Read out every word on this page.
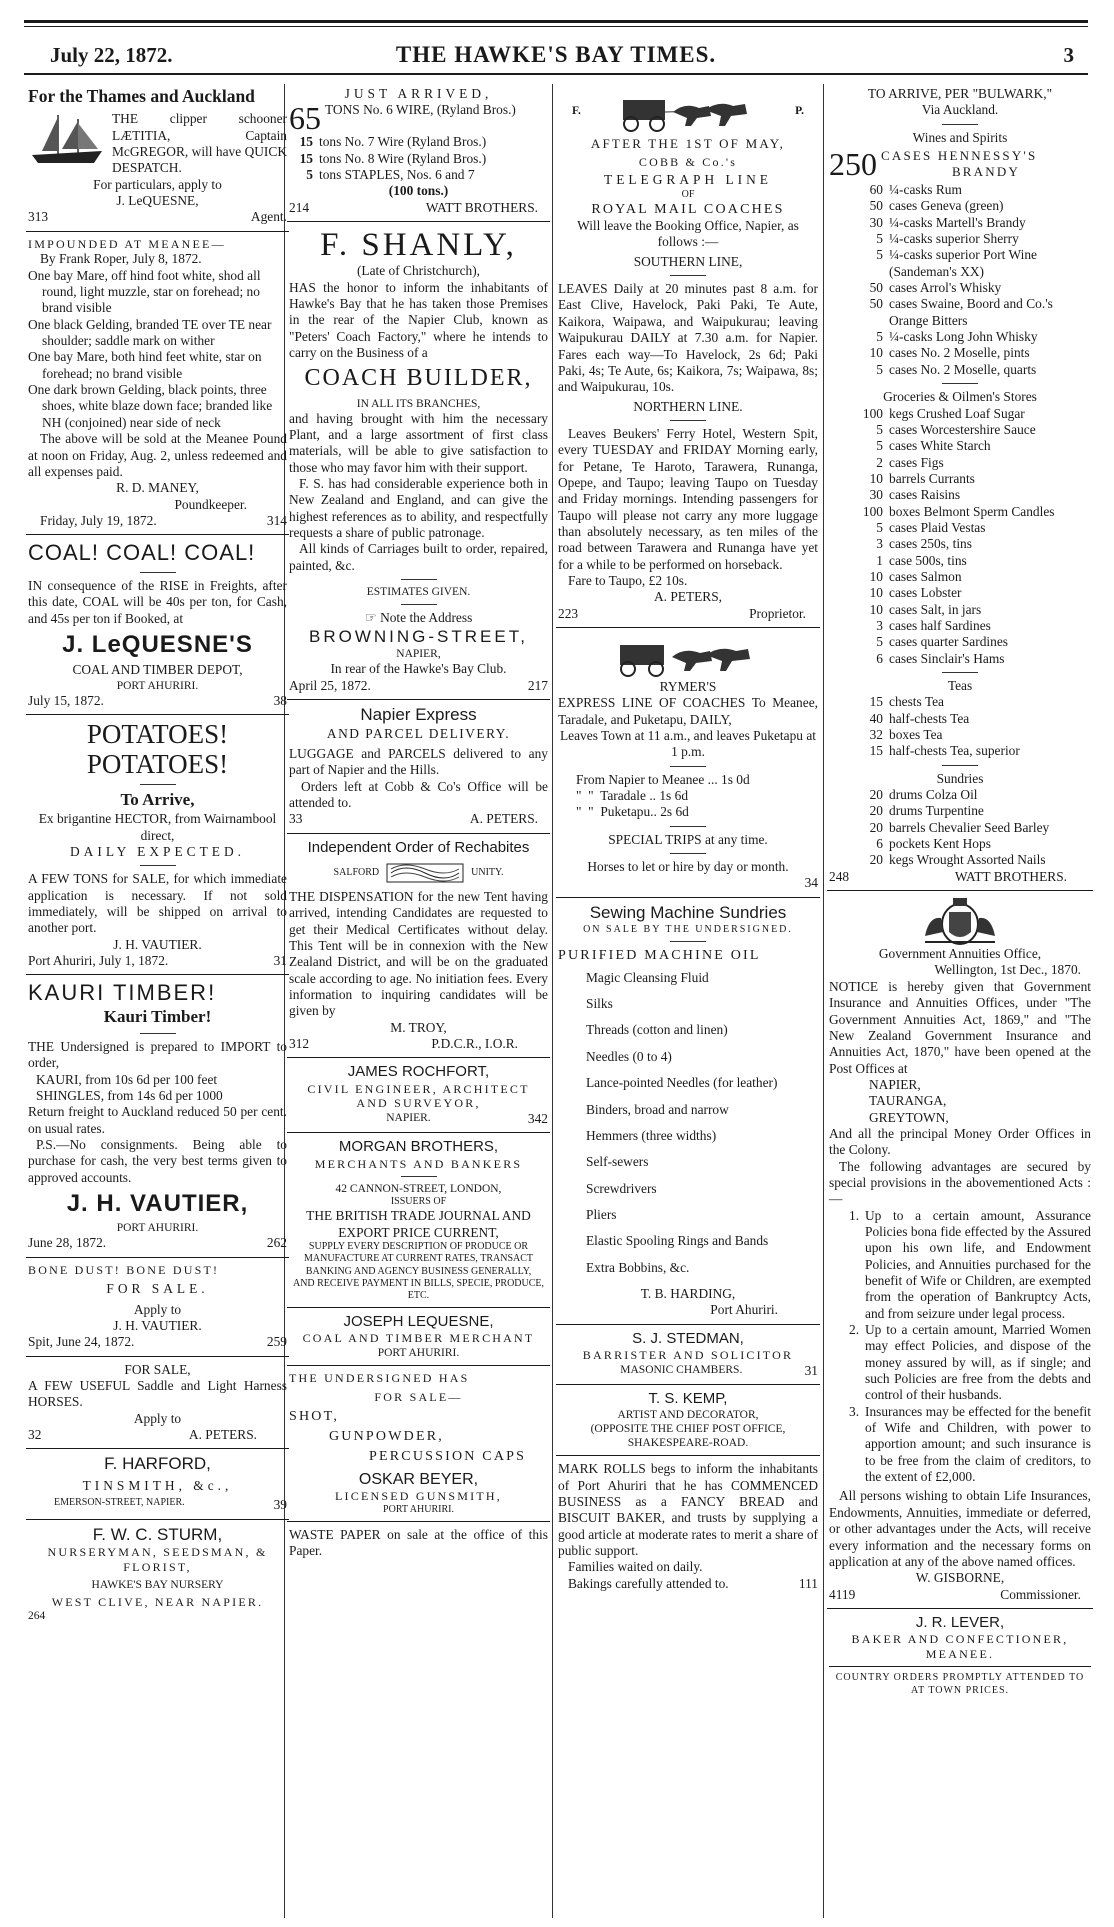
July 22, 1872.	THE HAWKE'S BAY TIMES.	3
For the Thames and Auckland
THE clipper schooner LÆTITIA, Captain McGREGOR, will have QUICK DESPATCH.
For particulars, apply to
J. LeQUESNE,
313	Agent.
IMPOUNDED AT MEANEE—
By Frank Roper, July 8, 1872.
One bay Mare, off hind foot white, shod all round, light muzzle, star on forehead; no brand visible
One black Gelding, branded TE over TE near shoulder; saddle mark on wither
One bay Mare, both hind feet white, star on forehead; no brand visible
One dark brown Gelding, black points, three shoes, white blaze down face; branded like NH (conjoined) near side of neck
The above will be sold at the Meanee Pound at noon on Friday, Aug. 2, unless redeemed and all expenses paid.
R. D. MANEY,
Poundkeeper.
Friday, July 19, 1872.	314
COAL! COAL! COAL!
IN consequence of the RISE in Freights, after this date, COAL will be 40s per ton, for Cash, and 45s per ton if Booked, at
J. LeQUESNE'S
COAL AND TIMBER DEPOT,
PORT AHURIRI.
July 15, 1872.	38
POTATOES! POTATOES!
To Arrive,
Ex brigantine HECTOR, from Wairnambool direct,
DAILY EXPECTED.
A FEW TONS for SALE, for which immediate application is necessary. If not sold immediately, will be shipped on arrival to another port.
J. H. VAUTIER.
Port Ahuriri, July 1, 1872.	31
KAURI TIMBER!
Kauri Timber!
THE Undersigned is prepared to IMPORT to order,
KAURI, from 10s 6d per 100 feet
SHINGLES, from 14s 6d per 1000
Return freight to Auckland reduced 50 per cent. on usual rates.
P.S.—No consignments. Being able to purchase for cash, the very best terms given to approved accounts.
J. H. VAUTIER,
PORT AHURIRI.
June 28, 1872.	262
BONE DUST! BONE DUST!
FOR SALE.
Apply to
J. H. VAUTIER.
Spit, June 24, 1872.	259
FOR SALE,
A FEW USEFUL Saddle and Light Harness HORSES.
Apply to
32	A. PETERS.
F. HARFORD,
TINSMITH, &c.,
EMERSON-STREET, NAPIER.	39
F. W. C. STURM,
NURSERYMAN, SEEDSMAN, & FLORIST,
HAWKE'S BAY NURSERY
WEST CLIVE, NEAR NAPIER.
264
JUST ARRIVED,
65 TONS No. 6 WIRE, (Ryland Bros.)
15 tons No. 7 Wire (Ryland Bros.)
15 tons No. 8 Wire (Ryland Bros.)
5 tons STAPLES, Nos. 6 and 7
(100 tons.)
214	WATT BROTHERS.
F. SHANLY,
(Late of Christchurch),
HAS the honor to inform the inhabitants of Hawke's Bay that he has taken those Premises in the rear of the Napier Club, known as "Peters' Coach Factory," where he intends to carry on the Business of a
COACH BUILDER,
IN ALL ITS BRANCHES,
and having brought with him the necessary Plant, and a large assortment of first class materials, will be able to give satisfaction to those who may favor him with their support.
F. S. has had considerable experience both in New Zealand and England, and can give the highest references as to ability, and respectfully requests a share of public patronage.
All kinds of Carriages built to order, repaired, painted, &c.
ESTIMATES GIVEN.
☞ Note the Address
BROWNING-STREET,
NAPIER,
In rear of the Hawke's Bay Club.
April 25, 1872.	217
Napier Express
AND PARCEL DELIVERY.
LUGGAGE and PARCELS delivered to any part of Napier and the Hills.
Orders left at Cobb & Co's Office will be attended to.
33	A. PETERS.
Independent Order of Rechabites
SALFORD	UNITY.
THE DISPENSATION for the new Tent having arrived, intending Candidates are requested to get their Medical Certificates without delay. This Tent will be in connexion with the New Zealand District, and will be on the graduated scale according to age. No initiation fees. Every information to inquiring candidates will be given by
M. TROY,
312	P.D.C.R., I.O.R.
JAMES ROCHFORT,
CIVIL ENGINEER, ARCHITECT AND SURVEYOR,
NAPIER.	342
MORGAN BROTHERS,
MERCHANTS AND BANKERS
42 CANNON-STREET, LONDON,
ISSUERS OF
THE BRITISH TRADE JOURNAL AND EXPORT PRICE CURRENT,
SUPPLY EVERY DESCRIPTION OF PRODUCE OR MANUFACTURE AT CURRENT RATES, TRANSACT BANKING AND AGENCY BUSINESS GENERALLY,
AND RECEIVE PAYMENT IN BILLS, SPECIE, PRODUCE, ETC.
JOSEPH LEQUESNE,
COAL AND TIMBER MERCHANT
PORT AHURIRI.
THE UNDERSIGNED HAS
FOR SALE—
SHOT,
GUNPOWDER,
PERCUSSION CAPS
OSKAR BEYER,
LICENSED GUNSMITH,
PORT AHURIRI.
WASTE PAPER on sale at the office of this Paper.
F.	P.
AFTER THE 1ST OF MAY,
COBB & Co.'s
TELEGRAPH LINE
OF
ROYAL MAIL COACHES
Will leave the Booking Office, Napier, as follows :—
SOUTHERN LINE,
LEAVES Daily at 20 minutes past 8 a.m. for East Clive, Havelock, Paki Paki, Te Aute, Kaikora, Waipawa, and Waipukurau; leaving Waipukurau DAILY at 7.30 a.m. for Napier. Fares each way—To Havelock, 2s 6d; Paki Paki, 4s; Te Aute, 6s; Kaikora, 7s; Waipawa, 8s; and Waipukurau, 10s.
NORTHERN LINE.
Leaves Beukers' Ferry Hotel, Western Spit, every TUESDAY and FRIDAY Morning early, for Petane, Te Haroto, Tarawera, Runanga, Opepe, and Taupo; leaving Taupo on Tuesday and Friday mornings. Intending passengers for Taupo will please not carry any more luggage than absolutely necessary, as ten miles of the road between Tarawera and Runanga have yet for a while to be performed on horseback.
Fare to Taupo, £2 10s.
A. PETERS,
223	Proprietor.
RYMER'S
EXPRESS LINE OF COACHES To Meanee, Taradale, and Puketapu, DAILY,
Leaves Town at 11 a.m., and leaves Puketapu at 1 p.m.
From Napier to Meanee ... 1s 0d
"  "  Taradale .. 1s 6d
"  "  Puketapu.. 2s 6d
SPECIAL TRIPS at any time.
Horses to let or hire by day or month.
34
Sewing Machine Sundries
ON SALE BY THE UNDERSIGNED.
PURIFIED MACHINE OIL
Magic Cleansing Fluid
Silks
Threads (cotton and linen)
Needles (0 to 4)
Lance-pointed Needles (for leather)
Binders, broad and narrow
Hemmers (three widths)
Self-sewers
Screwdrivers
Pliers
Elastic Spooling Rings and Bands
Extra Bobbins, &c.
T. B. HARDING,
Port Ahuriri.
S. J. STEDMAN,
BARRISTER AND SOLICITOR
MASONIC CHAMBERS.	31
T. S. KEMP,
ARTIST AND DECORATOR,
(OPPOSITE THE CHIEF POST OFFICE, SHAKESPEARE-ROAD.
MARK ROLLS begs to inform the inhabitants of Port Ahuriri that he has COMMENCED BUSINESS as a FANCY BREAD and BISCUIT BAKER, and trusts by supplying a good article at moderate rates to merit a share of public support.
Families waited on daily.
Bakings carefully attended to.	111
TO ARRIVE, PER "BULWARK,"
Via Auckland.
Wines and Spirits
250 CASES HENNESSY'S
BRANDY
60 ¼-casks Rum
50 cases Geneva (green)
30 ¼-casks Martell's Brandy
5 ¼-casks superior Sherry
5 ¼-casks superior Port Wine (Sandeman's XX)
50 cases Arrol's Whisky
50 cases Swaine, Boord and Co.'s Orange Bitters
5 ¼-casks Long John Whisky
10 cases No. 2 Moselle, pints
5 cases No. 2 Moselle, quarts
Groceries & Oilmen's Stores
100 kegs Crushed Loaf Sugar
5 cases Worcestershire Sauce
5 cases White Starch
2 cases Figs
10 barrels Currants
30 cases Raisins
100 boxes Belmont Sperm Candles
5 cases Plaid Vestas
3 cases 250s, tins
1 case 500s, tins
10 cases Salmon
10 cases Lobster
10 cases Salt, in jars
3 cases half Sardines
5 cases quarter Sardines
6 cases Sinclair's Hams
Teas
15 chests Tea
40 half-chests Tea
32 boxes Tea
15 half-chests Tea, superior
Sundries
20 drums Colza Oil
20 drums Turpentine
20 barrels Chevalier Seed Barley
6 pockets Kent Hops
20 kegs Wrought Assorted Nails
248	WATT BROTHERS.
Government Annuities Office,
Wellington, 1st Dec., 1870.
NOTICE is hereby given that Government Insurance and Annuities Offices, under "The Government Annuities Act, 1869," and "The New Zealand Government Insurance and Annuities Act, 1870," have been opened at the Post Offices at
NAPIER,
TAURANGA,
GREYTOWN,
And all the principal Money Order Offices in the Colony.
The following advantages are secured by special provisions in the abovementioned Acts :—
1. Up to a certain amount, Assurance Policies bona fide effected by the Assured upon his own life, and Endowment Policies, and Annuities purchased for the benefit of Wife or Children, are exempted from the operation of Bankruptcy Acts, and from seizure under legal process.
2. Up to a certain amount, Married Women may effect Policies, and dispose of the money assured by will, as if single; and such Policies are free from the debts and control of their husbands.
3. Insurances may be effected for the benefit of Wife and Children, with power to apportion amount; and such insurance is to be free from the claim of creditors, to the extent of £2,000.
All persons wishing to obtain Life Insurances, Endowments, Annuities, immediate or deferred, or other advantages under the Acts, will receive every information and the necessary forms on application at any of the above named offices.
W. GISBORNE,
4119	Commissioner.
J. R. LEVER,
BAKER AND CONFECTIONER,
MEANEE.
COUNTRY ORDERS PROMPTLY ATTENDED TO AT TOWN PRICES.
